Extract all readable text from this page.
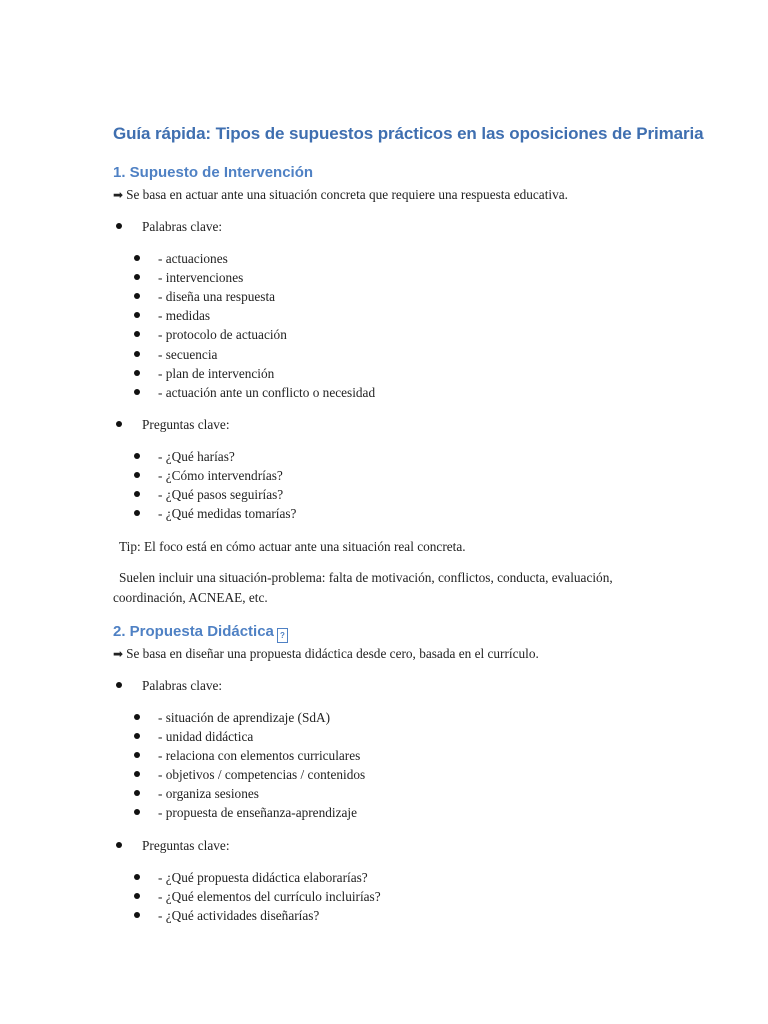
Guía rápida: Tipos de supuestos prácticos en las oposiciones de Primaria
1. Supuesto de Intervención

➡ Se basa en actuar ante una situación concreta que requiere una respuesta educativa.

Palabras clave:
- actuaciones
- intervenciones
- diseña una respuesta
- medidas
- protocolo de actuación
- secuencia
- plan de intervención
- actuación ante un conflicto o necesidad
Preguntas clave:
- ¿Qué harías?
- ¿Cómo intervendrías?
- ¿Qué pasos seguirías?
- ¿Qué medidas tomarías?

Tip: El foco está en cómo actuar ante una situación real concreta.

Suelen incluir una situación-problema: falta de motivación, conflictos, conducta, evaluación, coordinación, ACNEAE, etc.

2. Propuesta Didáctica ?

➡ Se basa en diseñar una propuesta didáctica desde cero, basada en el currículo.

Palabras clave:
- situación de aprendizaje (SdA)
- unidad didáctica
- relaciona con elementos curriculares
- objetivos / competencias / contenidos
- organiza sesiones
- propuesta de enseñanza-aprendizaje
Preguntas clave:
- ¿Qué propuesta didáctica elaborarías?
- ¿Qué elementos del currículo incluirías?
- ¿Qué actividades diseñarías?
